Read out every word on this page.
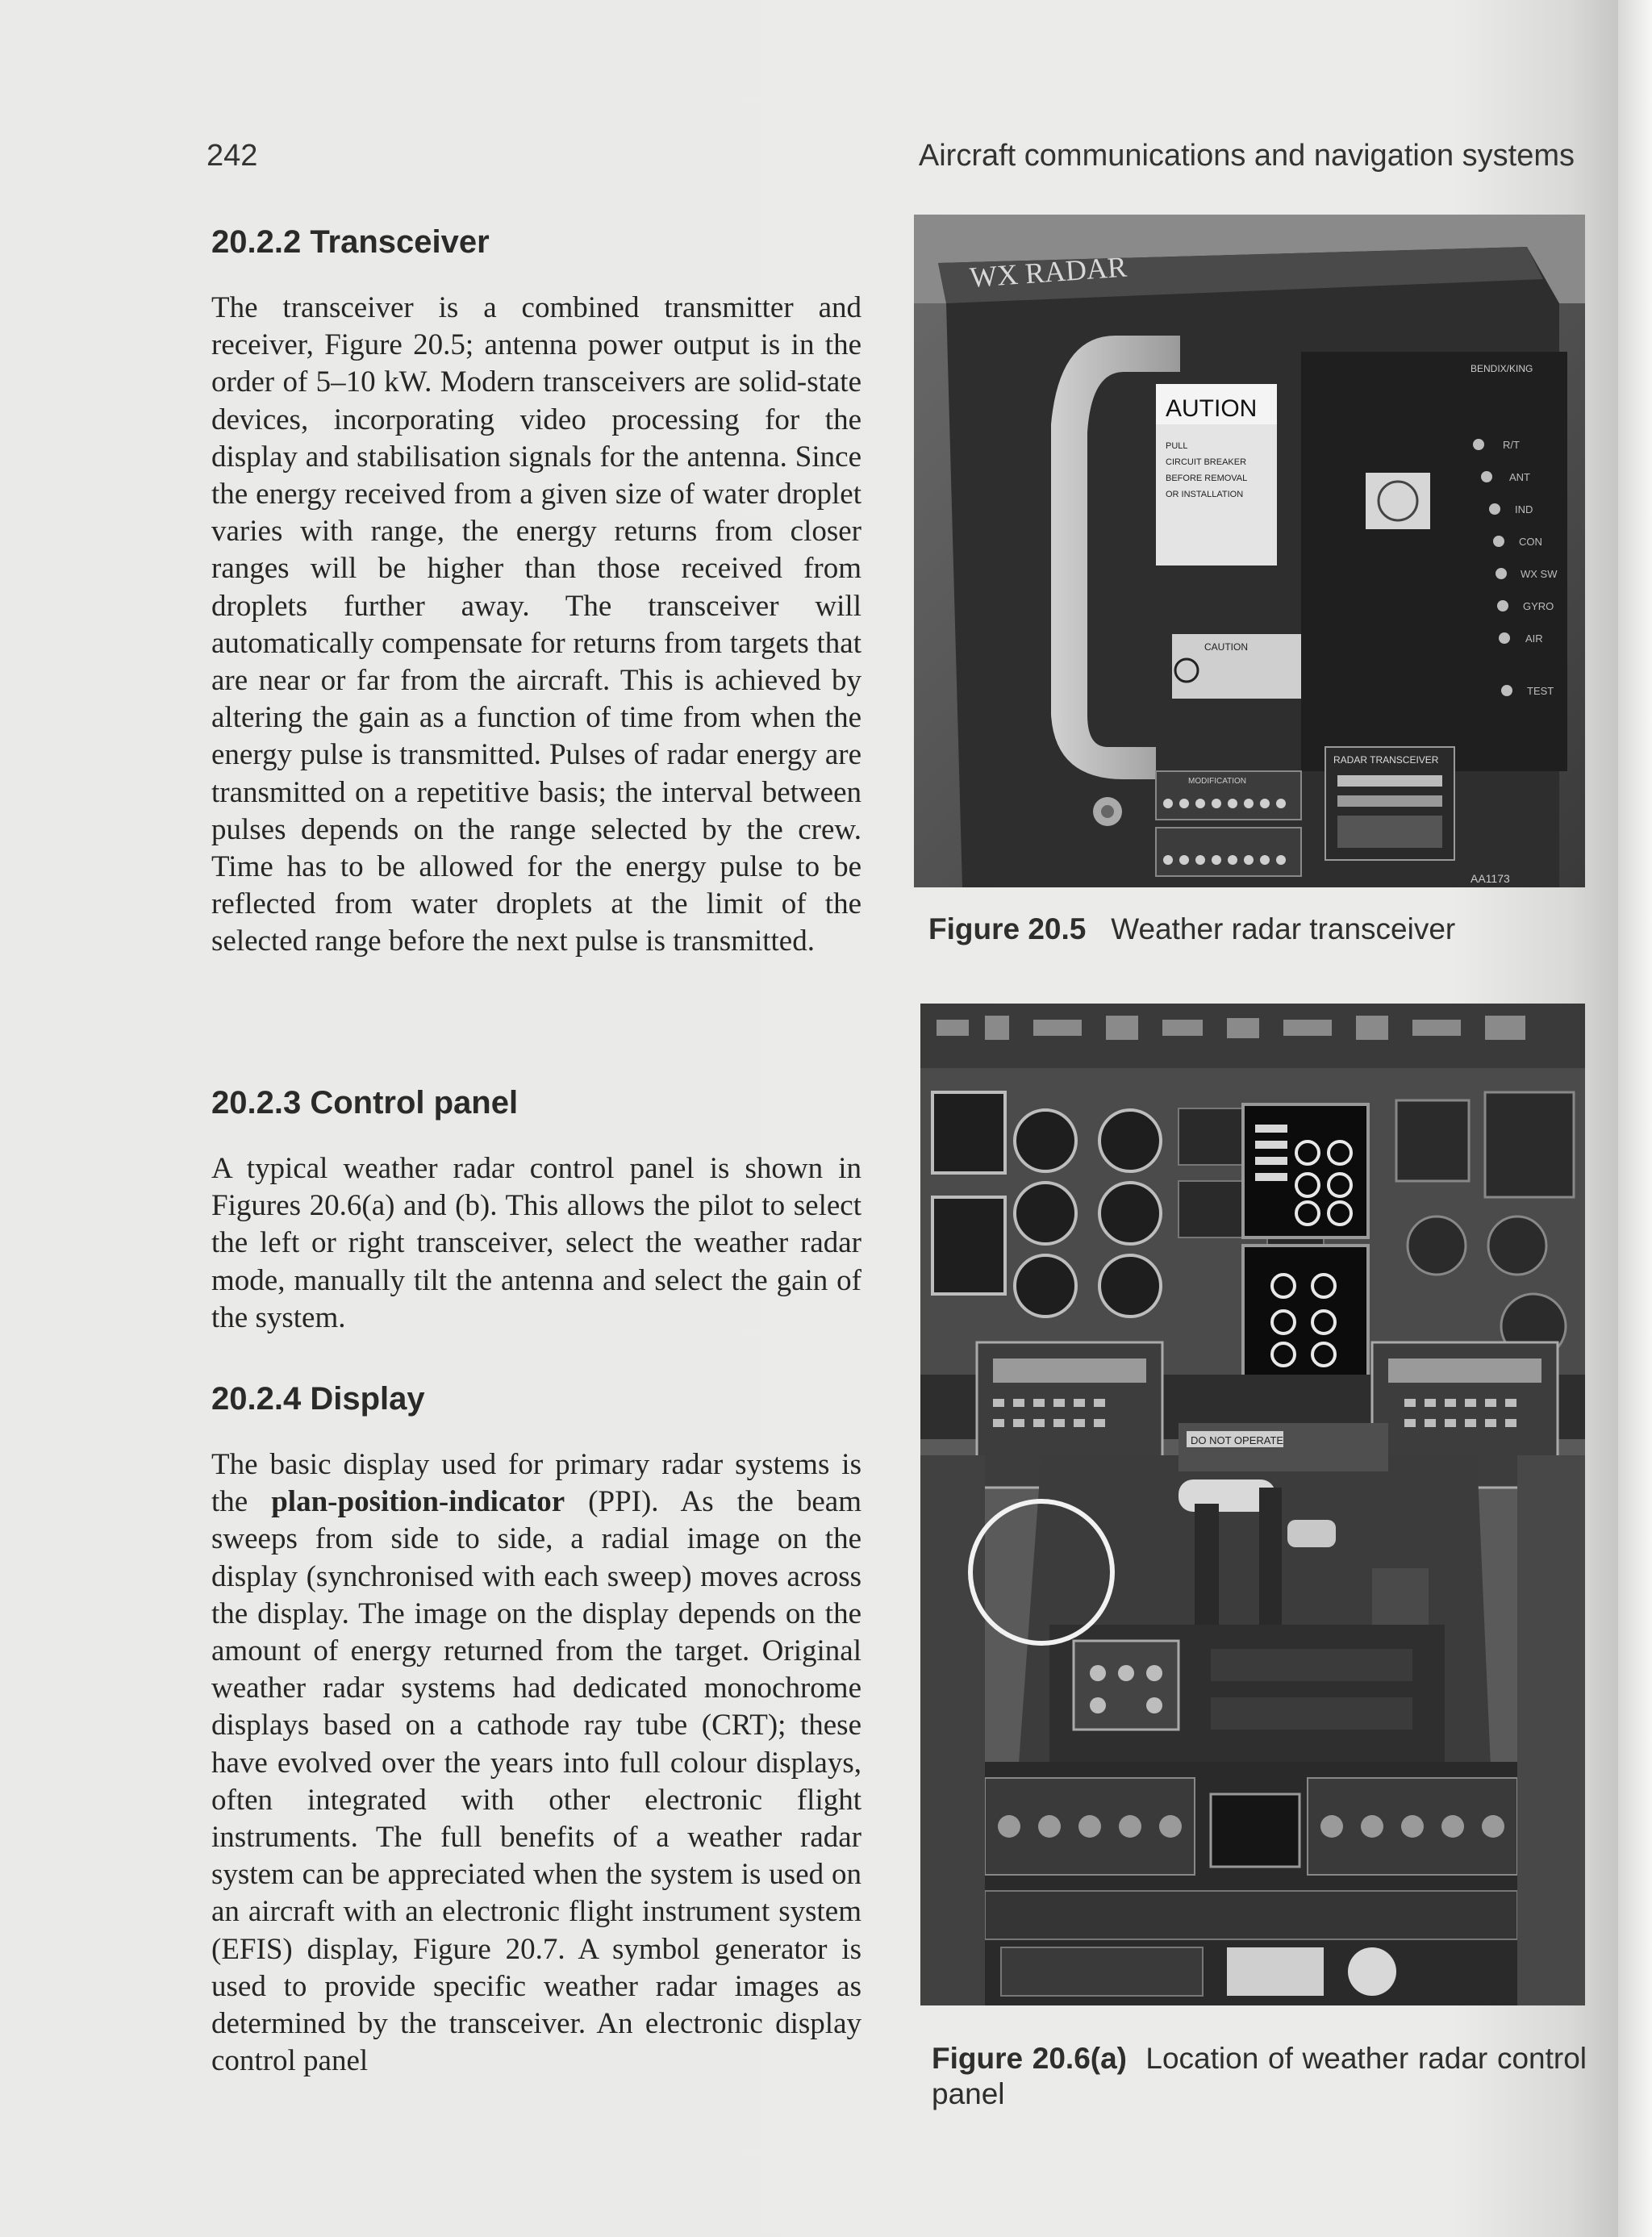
242	Aircraft communications and navigation systems
20.2.2 Transceiver

The transceiver is a combined transmitter and receiver, Figure 20.5; antenna power output is in the order of 5–10 kW. Modern transceivers are solid-state devices, incorporating video processing for the display and stabilisation signals for the antenna. Since the energy received from a given size of water droplet varies with range, the energy returns from closer ranges will be higher than those received from droplets further away. The transceiver will automatically compensate for returns from targets that are near or far from the aircraft. This is achieved by altering the gain as a function of time from when the energy pulse is transmitted. Pulses of radar energy are transmitted on a repetitive basis; the interval between pulses depends on the range selected by the crew. Time has to be allowed for the energy pulse to be reflected from water droplets at the limit of the selected range before the next pulse is transmitted.

20.2.3 Control panel

A typical weather radar control panel is shown in Figures 20.6(a) and (b). This allows the pilot to select the left or right transceiver, select the weather radar mode, manually tilt the antenna and select the gain of the system.

20.2.4 Display

The basic display used for primary radar systems is the plan-position-indicator (PPI). As the beam sweeps from side to side, a radial image on the display (synchronised with each sweep) moves across the display. The image on the display depends on the amount of energy returned from the target. Original weather radar systems had dedicated monochrome displays based on a cathode ray tube (CRT); these have evolved over the years into full colour displays, often integrated with other electronic flight instruments. The full benefits of a weather radar system can be appreciated when the system is used on an aircraft with an electronic flight instrument system (EFIS) display, Figure 20.7. A symbol generator is used to provide specific weather radar images as determined by the transceiver. An electronic display control panel

AUTION
PULL
CIRCUIT BREAKER
BEFORE REMOVAL
OR INSTALLATION
WX RADAR
BENDIX/KING
R/T
ANT
IND
CON
WX SW
GYRO
AIR
TEST
CAUTION
MODIFICATION
RADAR TRANSCEIVER
AA1173
Figure 20.5 Weather radar transceiver
DO NOT OPERATE
Figure 20.6(a) Location of weather radar control panel
